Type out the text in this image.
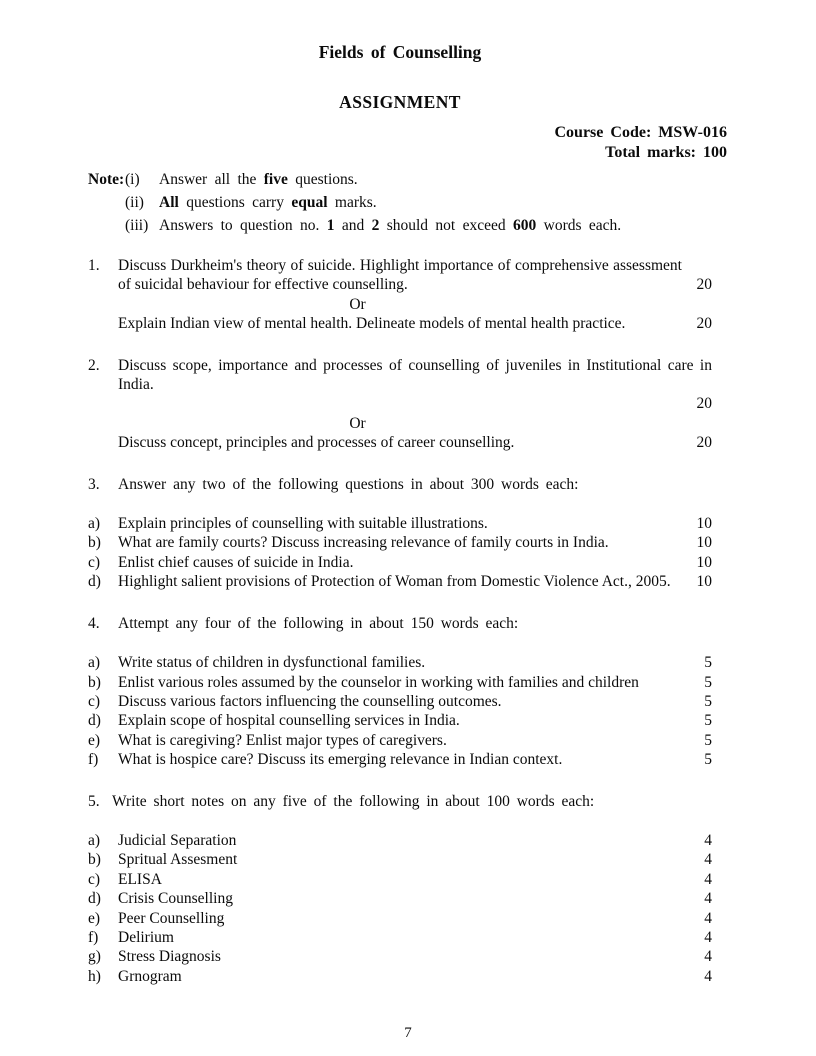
Fields of Counselling
ASSIGNMENT
Course Code: MSW-016
Total marks: 100
Note: (i)	Answer all the five questions.
(ii) All questions carry equal marks.
(iii) Answers to question no. 1 and 2 should not exceed 600 words each.
1.	Discuss Durkheim's theory of suicide. Highlight importance of comprehensive assessment of suicidal behaviour for effective counselling.	20
Or
Explain Indian view of mental health. Delineate models of mental health practice.	20
2.	Discuss scope, importance and processes of counselling of juveniles in Institutional care in India.
20
Or
Discuss concept, principles and processes of career counselling.	20
3.	Answer any two of the following questions in about 300 words each:
a)	Explain principles of counselling with suitable illustrations.	10
b)	What are family courts? Discuss increasing relevance of family courts in India.	10
c)	Enlist chief causes of suicide in India.	10
d)	Highlight salient provisions of Protection of Woman from Domestic Violence Act., 2005.	10
4.	Attempt any four of the following in about 150 words each:
a)	Write status of children in dysfunctional families.	5
b)	Enlist various roles assumed by the counselor in working with families and children	5
c)	Discuss various factors influencing the counselling outcomes.	5
d)	Explain scope of hospital counselling services in India.	5
e)	What is caregiving? Enlist major types of caregivers.	5
f)	What is hospice care? Discuss its emerging relevance in Indian context.	5
5. Write short notes on any five of the following in about 100 words each:
a)	Judicial Separation	4
b)	Spritual Assesment	4
c)	ELISA	4
d)	Crisis Counselling	4
e)	Peer Counselling	4
f)	Delirium	4
g)	Stress Diagnosis	4
h)	Grnogram	4
7
